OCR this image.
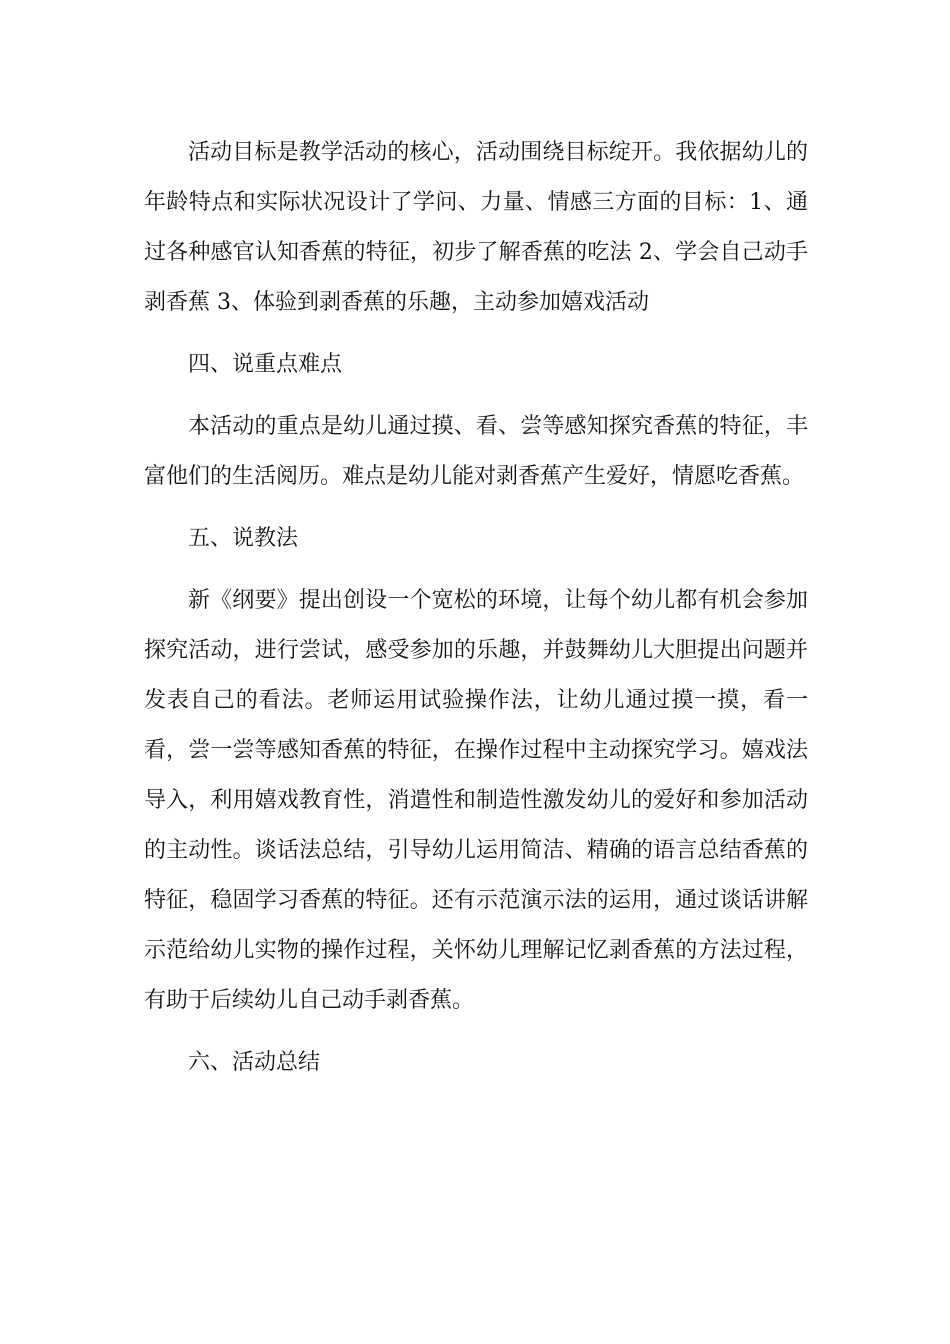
活动目标是教学活动的核心，活动围绕目标绽开。我依据幼儿的年龄特点和实际状况设计了学问、力量、情感三方面的目标：1、通过各种感官认知香蕉的特征，初步了解香蕉的吃法 2、学会自己动手剥香蕉 3、体验到剥香蕉的乐趣，主动参加嬉戏活动

四、说重点难点

本活动的重点是幼儿通过摸、看、尝等感知探究香蕉的特征，丰富他们的生活阅历。难点是幼儿能对剥香蕉产生爱好，情愿吃香蕉。

五、说教法

新《纲要》提出创设一个宽松的环境，让每个幼儿都有机会参加探究活动，进行尝试，感受参加的乐趣，并鼓舞幼儿大胆提出问题并发表自己的看法。老师运用试验操作法，让幼儿通过摸一摸，看一看，尝一尝等感知香蕉的特征，在操作过程中主动探究学习。嬉戏法导入，利用嬉戏教育性，消遣性和制造性激发幼儿的爱好和参加活动的主动性。谈话法总结，引导幼儿运用简洁、精确的语言总结香蕉的特征，稳固学习香蕉的特征。还有示范演示法的运用，通过谈话讲解示范给幼儿实物的操作过程，关怀幼儿理解记忆剥香蕉的方法过程，有助于后续幼儿自己动手剥香蕉。

六、活动总结
